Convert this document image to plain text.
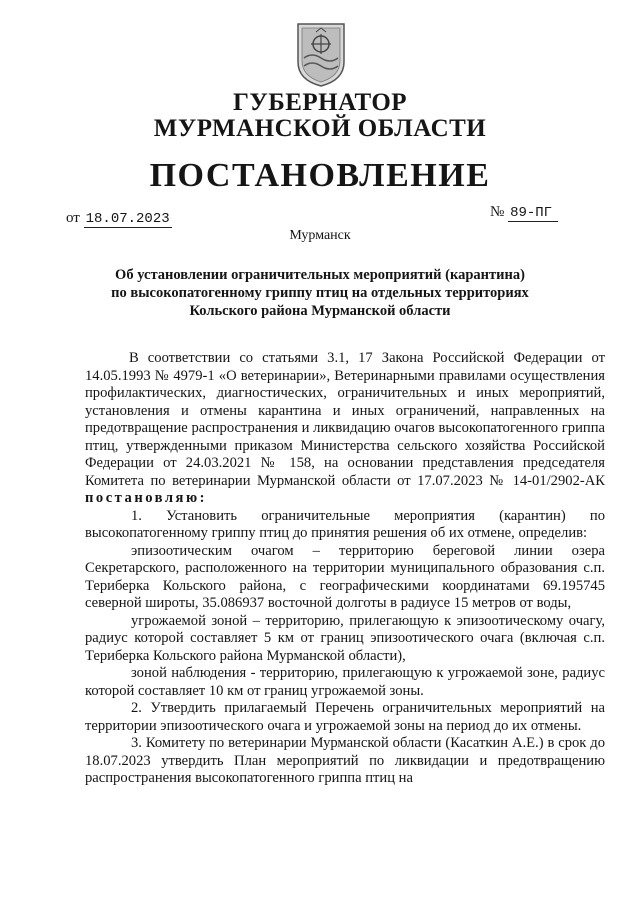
ГУБЕРНАТОР
МУРМАНСКОЙ ОБЛАСТИ
ПОСТАНОВЛЕНИЕ
от 18.07.2023	№ 89-ПГ
Мурманск
Об установлении ограничительных мероприятий (карантина)
по высокопатогенному гриппу птиц на отдельных территориях
Кольского района Мурманской области

В соответствии со статьями 3.1, 17 Закона Российской Федерации от 14.05.1993 № 4979-1 «О ветеринарии», Ветеринарными правилами осуществления профилактических, диагностических, ограничительных и иных мероприятий, установления и отмены карантина и иных ограничений, направленных на предотвращение распространения и ликвидацию очагов высокопатогенного гриппа птиц, утвержденными приказом Министерства сельского хозяйства Российской Федерации от 24.03.2021 № 158, на основании представления председателя Комитета по ветеринарии Мурманской области от 17.07.2023 № 14-01/2902-АК постановляю:

1. Установить ограничительные мероприятия (карантин) по высокопатогенному гриппу птиц до принятия решения об их отмене, определив:

эпизоотическим очагом – территорию береговой линии озера Секретарского, расположенного на территории муниципального образования с.п. Териберка Кольского района, с географическими координатами 69.195745 северной широты, 35.086937 восточной долготы в радиусе 15 метров от воды,

угрожаемой зоной – территорию, прилегающую к эпизоотическому очагу, радиус которой составляет 5 км от границ эпизоотического очага (включая с.п. Териберка Кольского района Мурманской области),

зоной наблюдения - территорию, прилегающую к угрожаемой зоне, радиус которой составляет 10 км от границ угрожаемой зоны.

2. Утвердить прилагаемый Перечень ограничительных мероприятий на территории эпизоотического очага и угрожаемой зоны на период до их отмены.

3. Комитету по ветеринарии Мурманской области (Касаткин А.Е.) в срок до 18.07.2023 утвердить План мероприятий по ликвидации и предотвращению распространения высокопатогенного гриппа птиц на
